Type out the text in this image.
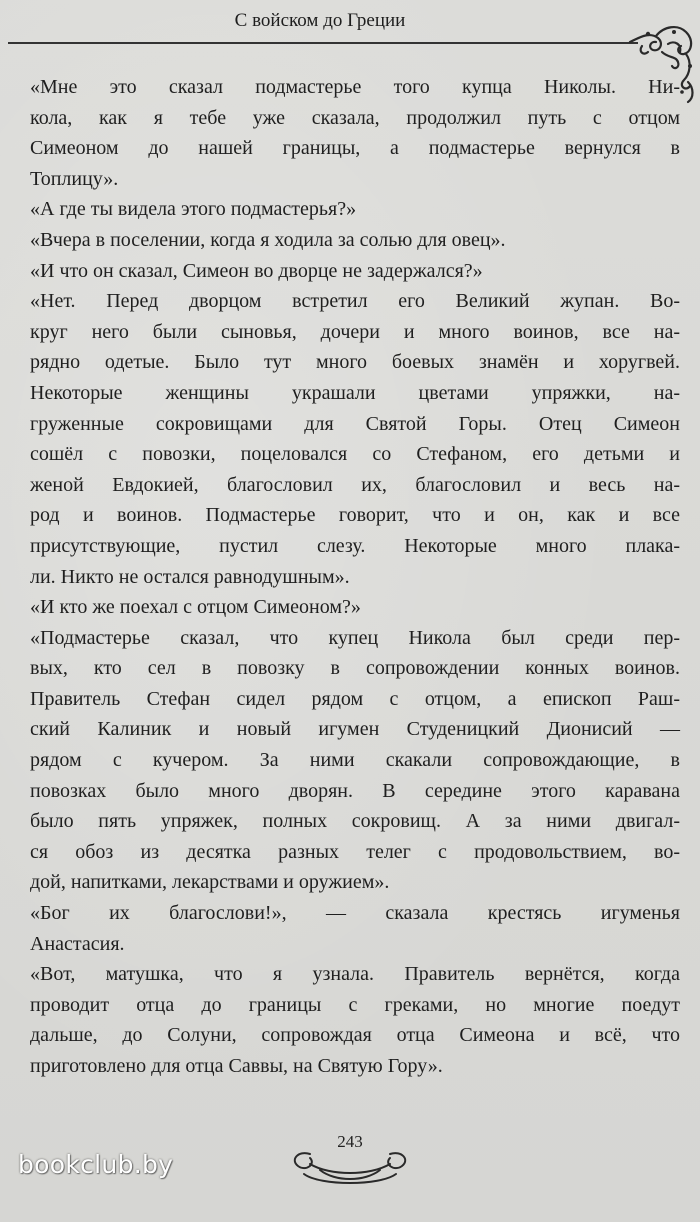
С войском до Греции
«Мне это сказал подмастерье того купца Николы. Ни-
кола, как я тебе уже сказала, продолжил путь с отцом
Симеоном до нашей границы, а подмастерье вернулся в
Топлицу».
«А где ты видела этого подмастерья?»
«Вчера в поселении, когда я ходила за солью для овец».
«И что он сказал, Симеон во дворце не задержался?»
«Нет. Перед дворцом встретил его Великий жупан. Во-
круг него были сыновья, дочери и много воинов, все на-
рядно одетые. Было тут много боевых знамён и хоругвей.
Некоторые женщины украшали цветами упряжки, на-
груженные сокровищами для Святой Горы. Отец Симеон
сошёл с повозки, поцеловался со Стефаном, его детьми и
женой Евдокией, благословил их, благословил и весь на-
род и воинов. Подмастерье говорит, что и он, как и все
присутствующие, пустил слезу. Некоторые много плака-
ли. Никто не остался равнодушным».
«И кто же поехал с отцом Симеоном?»
«Подмастерье сказал, что купец Никола был среди пер-
вых, кто сел в повозку в сопровождении конных воинов.
Правитель Стефан сидел рядом с отцом, а епископ Раш-
ский Калиник и новый игумен Студеницкий Дионисий —
рядом с кучером. За ними скакали сопровождающие, в
повозках было много дворян. В середине этого каравана
было пять упряжек, полных сокровищ. А за ними двигал-
ся обоз из десятка разных телег с продовольствием, во-
дой, напитками, лекарствами и оружием».
«Бог их благослови!», — сказала крестясь игуменья
Анастасия.
«Вот, матушка, что я узнала. Правитель вернётся, когда
проводит отца до границы с греками, но многие поедут
дальше, до Солуни, сопровождая отца Симеона и всё, что
приготовлено для отца Саввы, на Святую Гору».
243
bookclub.by
